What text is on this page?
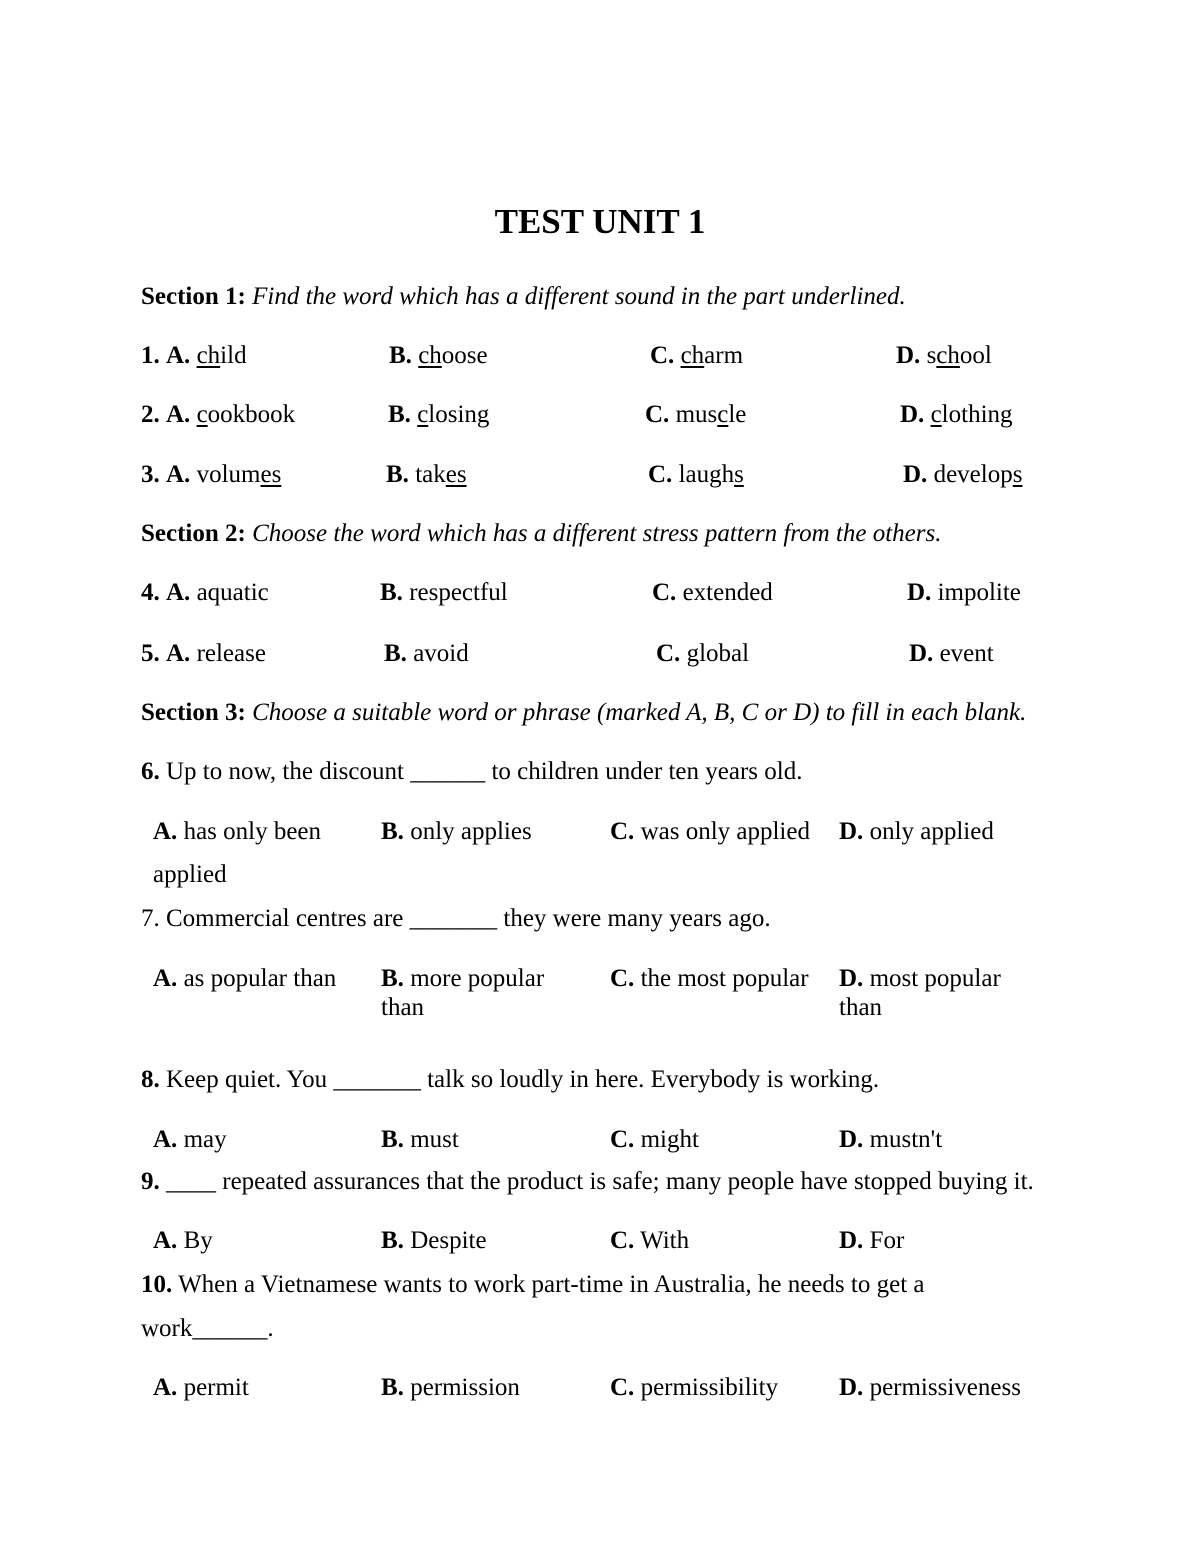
TEST UNIT 1
Section 1: Find the word which has a different sound in the part underlined.
1. A. child	B. choose	C. charm	D. school
2. A. cookbook	B. closing	C. muscle	D. clothing
3. A. volumes	B. takes	C. laughs	D. develops
Section 2: Choose the word which has a different stress pattern from the others.
4. A. aquatic	B. respectful	C. extended	D. impolite
5. A. release	B. avoid	C. global	D. event
Section 3: Choose a suitable word or phrase (marked A, B, C or D) to fill in each blank.
6. Up to now, the discount ______ to children under ten years old.
A. has only been
applied
B. only applies	C. was only applied D. only applied
7. Commercial centres are _______ they were many years ago.
A. as popular than B. more popular
than
C. the most popular D. most popular
than
8. Keep quiet. You _______ talk so loudly in here. Everybody is working.
A. may	B. must	C. might	D. mustn't
9. ____ repeated assurances that the product is safe; many people have stopped buying it.
A. By	B. Despite	C. With	D. For
10. When a Vietnamese wants to work part-time in Australia, he needs to get a
work______.
A. permit	B. permission	C. permissibility D. permissiveness
